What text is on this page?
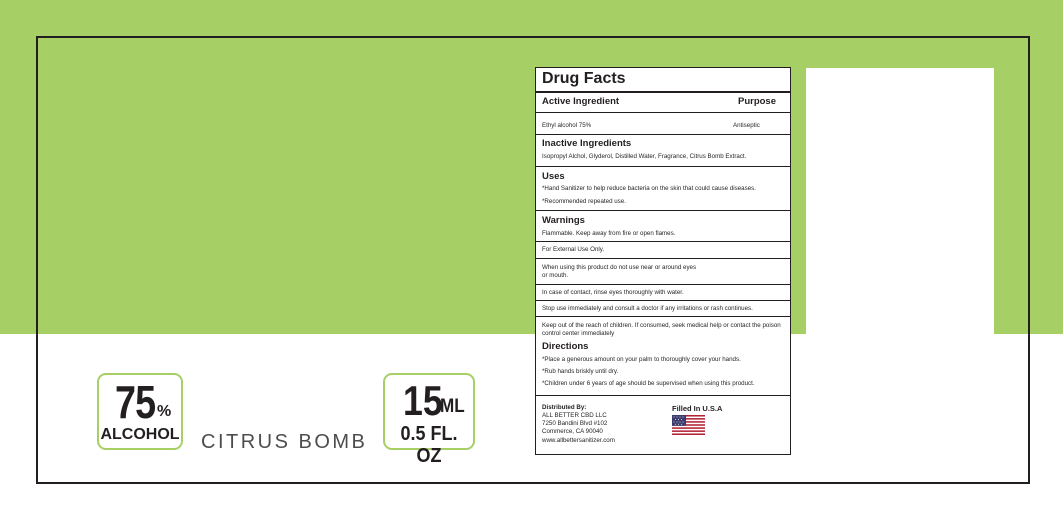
75 %
ALCOHOL CITRUS BOMB
15
ML
0.5 FL. OZ
Drug Facts
Active Ingredient	Purpose
Ethyl alcohol 75%	Antiseptic
Inactive Ingredients
Isopropyl Alchol, Glyderol, Distilled Water, Fragrance, Citrus Bomb Extract.
Uses
*Hand Sanitizer to help reduce bacteria on the skin that could cause diseases.
*Recommended repeated use.
Warnings
Flammable. Keep away from fire or open flames.
For External Use Only.
When using this product do not use near or around eyes or mouth.
In case of contact, rinse eyes thoroughly with water.
Stop use immediately and consult a doctor if any irritations or rash continues.
Keep out of the reach of children. If consumed, seek medical help or contact the poison control center immediately
Directions
*Place a generous amount on your palm to thoroughly cover your hands.
*Rub hands briskly until dry.
*Children under 6 years of age should be supervised when using this product.
Distributed By:
ALL BETTER CBD LLC
7250 Bandini Blvd #102
Commerce, CA 90040
www.allbettersanitizer.com
Filled In U.S.A
